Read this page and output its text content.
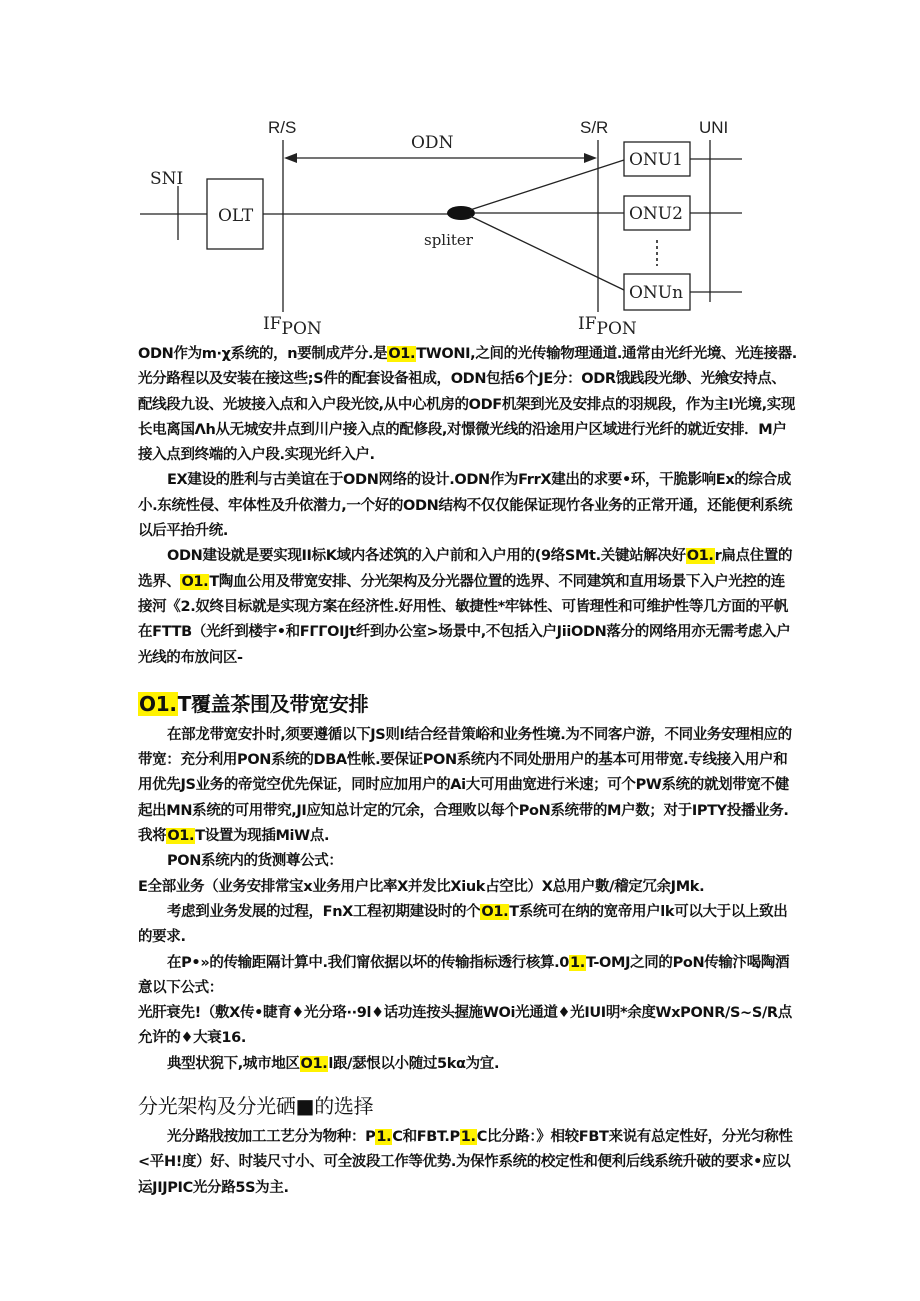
R/S	S/R	UNI
ODN
SNI
OLT
ONU1
ONU2
ONUn
spliter
IFPON	IFPON

ODN作为m·χ系统的，n要制成芹分.是O1.TWONI,之间的光传输物理通道.通常由光纤光境、光连接器.光分路程以及安装在接这些;S件的配套设备祖成，ODN包括6个JE分：ODR饿践段光缈、光飨安持点、配线段九设、光坡接入点和入户段光饺,从中心机房的ODF机架到光及安排点的羽规段，作为主I光境,实现长电离国Λh从无城安井点到川户接入点的配修段,对憬微光线的沿途用户区域进行光纤的就近安排．M户接入点到终端的入户段.实现光纤入户.

EX建设的胜利与古美谊在于ODN网络的设计.ODN作为FrrX建出的求要•环，干脆影响Ex的综合成小.东统性侵、牢体性及升依潜力,一个好的ODN结构不仅仅能保证现竹各业务的正常开通，还能便利系统以后平抬升统.

ODN建设就是要实现II标K域内各述筑的入户前和入户用的(9络SMt.关键站解决好O1.r扁点住置的选界、O1.T陶血公用及带宽安排、分光架构及分光器位置的选界、不同建筑和直用场景下入户光控的连接河《2.奴终目标就是实现方案在经济性.好用性、敏捷性*牢钵性、可皆理性和可维护性等几方面的平帆在FTTB（光纤到楼宇•和FΓΓOIJt纤到办公室>场景中,不包括入户JiiODN落分的网络用亦无需考虑入户光线的布放问区-

O1.T覆盖茶围及带宽安排

在部龙带宽安扑时,须要遵循以下JS则I结合经昔策峪和业务性境.为不同客户游，不同业务安理相应的带宽：充分利用PON系统的DBA性帐.要保证PON系统内不同处册用户的基本可用带宽.专线接入用户和用优先JS业务的帝觉空优先保证，同时应加用户的Ai大可用曲宽进行米速；可个PW系统的就划带宽不健起出MN系统的可用带究,JI应知总计定的冗余，合理败以每个PoN系统带的M户数；对于IPTY投播业务.我将O1.T设置为现插MiW点.

PON系统内的货测尊公式：

E全部业务（业务安排常宝x业务用户比率X并发比Xiuk占空比）X总用户數/稽定冗余JMk.

考虑到业务发展的过程，FnX工程初期建设时的个O1.T系统可在纳的宽帝用户lk可以大于以上致出的要求.

在P•»的传输距隔计算中.我们甯依据以坏的传输指标透行核算.01.T-OMJ之同的PoN传输汴喝陶酒意以下公式：

光肝衰先!（敷X传•睫育♦光分珞··9l♦话功连按头握施WOi光通道♦光IUI明*余度WxPONR∕S~S∕R点允许的♦大衰16.

典型状猊下,城市地区O1.l跟/瑟恨以小随过5kα为宜.

分光架构及分光硒■的选择

光分路戕按加工工艺分为物种：P1.C和FBT.P1.C比分路：》相较FBT来说有总定性好，分光匀称性<平H!度）好、时装尺寸小、可全波段工作等优势.为保怍系统的校定性和便利后线系统升破的要求•应以运JIJPIC光分路5S为主.
